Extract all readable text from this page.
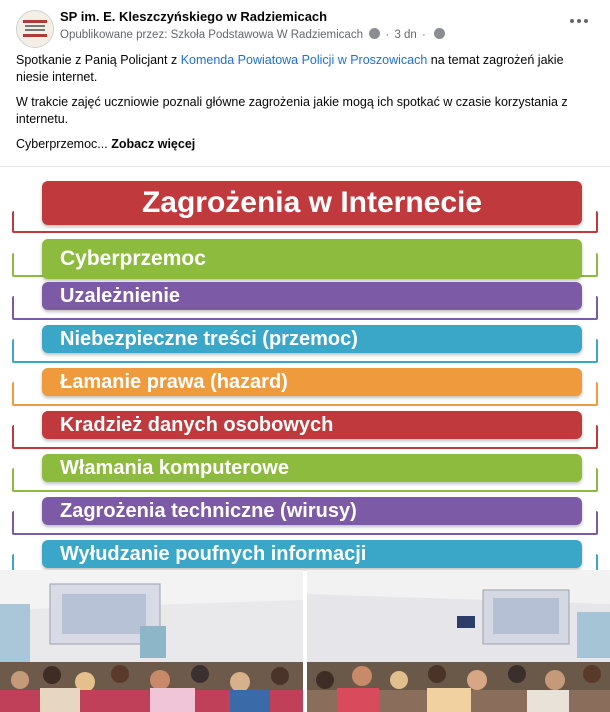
SP im. E. Kleszczyńskiego w Radziemicach
Opublikowane przez: Szkoła Podstawowa W Radziemicach · 3 dn ·

Spotkanie z Panią Policjant z Komenda Powiatowa Policji w Proszowicach na temat zagrożeń jakie niesie internet.

W trakcie zajęć uczniowie poznali główne zagrożenia jakie mogą ich spotkać w czasie korzystania z internetu.

Cyberprzemoc... Zobacz więcej

Zagrożenia w Internecie
Cyberprzemoc
Uzależnienie
Niebezpieczne treści (przemoc)
Łamanie prawa (hazard)
Kradzież danych osobowych
Włamania komputerowe
Zagrożenia techniczne (wirusy)
Wyłudzanie poufnych informacji
